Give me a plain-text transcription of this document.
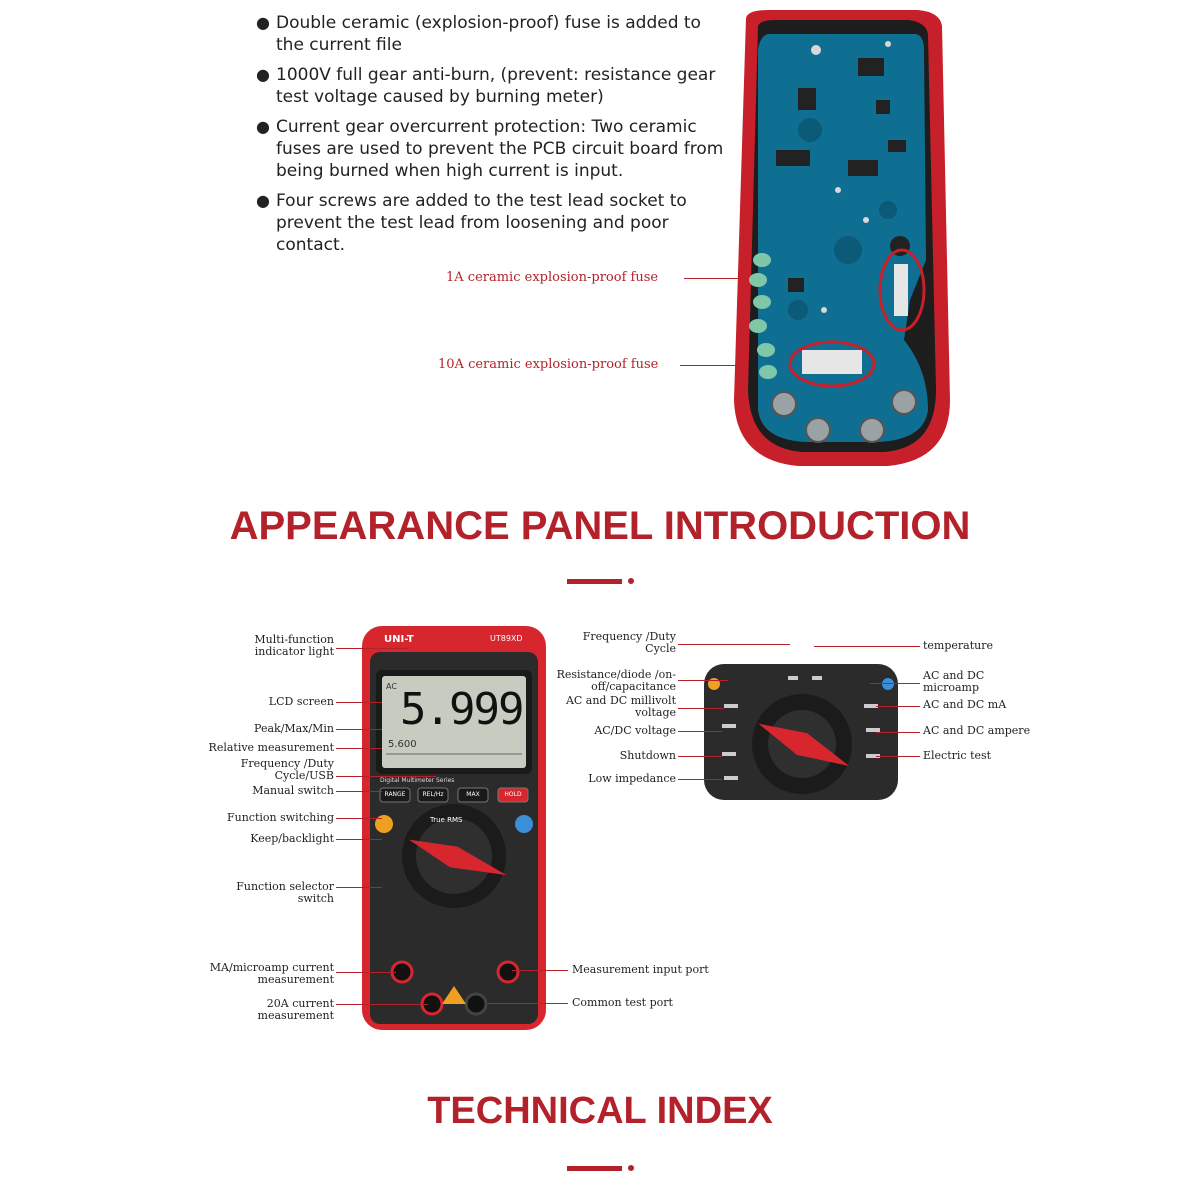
● Double ceramic (explosion-proof) fuse is added to the current file
● 1000V full gear anti-burn, (prevent: resistance gear test voltage caused by burning meter)
● Current gear overcurrent protection: Two ceramic fuses are used to prevent the PCB circuit board from being burned when high current is input.
● Four screws are added to the test lead socket to prevent the test lead from loosening and poor contact.
1A ceramic explosion-proof fuse
10A ceramic explosion-proof fuse
APPEARANCE PANEL INTRODUCTION
UNI-T	UT89XD
5.999
AC
5.600
Digital Multimeter Series
RANGE	REL/Hz	MAX	HOLD
True RMS
Multi-function indicator light
LCD screen
Peak/Max/Min
Relative measurement
Frequency /Duty Cycle/USB
Manual switch
Function switching
Keep/backlight
Function selector switch
MA/microamp current measurement
20A current measurement
Measurement input port
Common test port
Frequency /Duty Cycle
Resistance/diode /on-off/capacitance
AC and DC millivolt voltage
AC/DC voltage
Shutdown
Low impedance
temperature
AC and DC microamp
AC and DC mA
AC and DC ampere
Electric test
TECHNICAL INDEX
